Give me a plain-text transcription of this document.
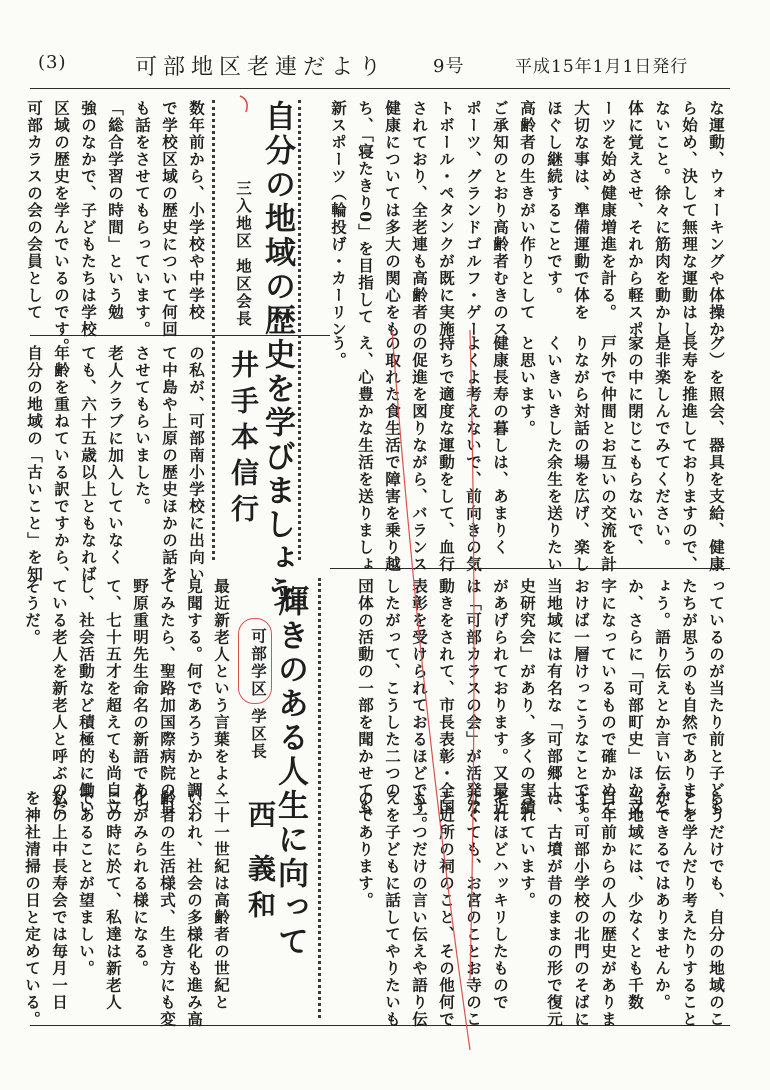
(3)	可部地区老連だより	9号	平成15年1月1日発行
な運動、ウォーキングや体操か
ら始め、決して無理な運動はし
ないこと。徐々に筋肉を動かし、
体に覚えさせ、それから軽スポ
ーツを始め健康増進を計る。
大切な事は、準備運動で体を
ほぐし継続することです。
高齢者の生きがい作りとして
ご承知のとおり高齢者むきのス
ポーツ、グランドゴルフ・ゲー
トボール・ペタンクが既に実施
されており、全老連も高齢者の
健康については多大の関心をも
ち、「寝たきり0」を目指して
新スポーツ（輪投げ・カーリン
グ）を照会、器具を支給、健康
長寿を推進しておりますので、
是非楽しんでみてください。
家の中に閉じこもらないで、
戸外で仲間とお互いの交流を計
りながら対話の場を広げ、楽し
くいきいきした余生を送りたい
と思います。
健康長寿の暮しは、あまりく
よくよ考えないで、前向きの気
持ちで適度な運動をして、血行
の促進を図りながら、バランス
の取れた食生活で障害を乗り越
え、心豊かな生活を送りましょ
う。
自分の地域の歴史を学びましょう
三入地区
地区会長
井手本信行
数年前から、小学校や中学校
で学校区域の歴史について何回
も話をさせてもらっています。
「総合学習の時間」という勉
強のなかで、子どもたちは学校
区域の歴史を学んでいるのです。
可部カラスの会の会員として
の私が、可部南小学校に出向い
て中島や上原の歴史ほかの話を
させてもらいました。
老人クラブに加入していなく
ても、六十五歳以上ともなれば
年齢を重ねている訳ですから、
自分の地域の「古いこと」を知
っているのが当たり前と子ども
たちが思うのも自然でありまし
ょう。語り伝えとか言い伝えと
か、さらに「可部町史」ほか文
字になっているもので確かめて
おけば一層けっこうなことです。
当地域には有名な「可部郷土
史研究会」があり、多くの実績
があげられております。又最近
は「可部カラスの会」が活発な
動きをされて、市長表彰・全国
表彰を受けられておるほどです。
したがって、こうした二つの
団体の活動の一部を聞かせても
らうだけでも、自分の地域のこ
とを学んだり考えたりすること
ができるではありませんか。
当地域には、少なくとも千数
百年前からの人の歴史がありま
す。可部小学校の北門のそばに
は、古墳が昔のままの形で復元
されています。
それほどハッキリしたもので
なくても、お宮のことお寺のこ
と近所の祠のこと、その他何で
も一つだけの言い伝えや語り伝
えを子どもに話してやりたいも
のであります。
輝きのある人生に向って
可部学区
学区長
西 義和
最近新老人という言葉をよく
見聞する。何であろうかと調べ
てみたら、聖路加国際病院の日
野原重明先生命名の新語であっ
て、七十五才を超えても尚自立
し、社会活動など積極的に働い
ている老人を新老人と呼ぶのだ
そうだ。
二十一世紀は高齢者の世紀と
いわれ、社会の多様化も進み高
齢者の生活様式、生き方にも変
化がみられる様になる。
この時に於て、私達は新老人
であることが望ましい。
私の上中長寿会では毎月一日
を神社清掃の日と定めている。
